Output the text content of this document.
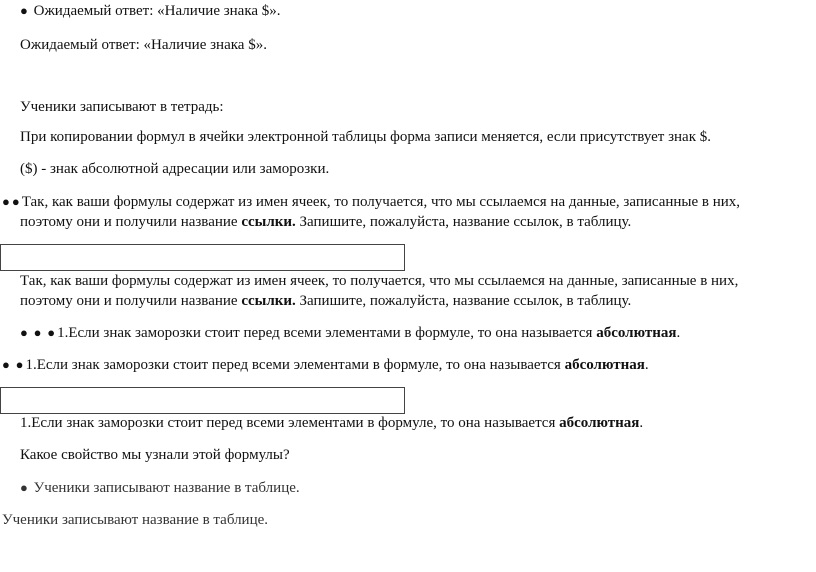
● Ожидаемый ответ: «Наличие знака $».
Ожидаемый ответ: «Наличие знака $».
Ученики записывают в тетрадь:
При копировании формул в ячейки электронной таблицы форма записи меняется, если присутствует знак $.
($) - знак абсолютной адресации или заморозки.
● ● Так, как ваши формулы содержат из имен ячеек, то получается, что мы ссылаемся на данные, записанные в них,
поэтому они и получили название ссылки. Запишите, пожалуйста, название ссылок, в таблицу.
Так, как ваши формулы содержат из имен ячеек, то получается, что мы ссылаемся на данные, записанные в них,
поэтому они и получили название ссылки. Запишите, пожалуйста, название ссылок, в таблицу.
● ● ● 1.Если знак заморозки стоит перед всеми элементами в формуле, то она называется абсолютная.
● ● 1.Если знак заморозки стоит перед всеми элементами в формуле, то она называется абсолютная.
1.Если знак заморозки стоит перед всеми элементами в формуле, то она называется абсолютная.
Какое свойство мы узнали этой формулы?
● Ученики записывают название в таблице.
Ученики записывают название в таблице.
